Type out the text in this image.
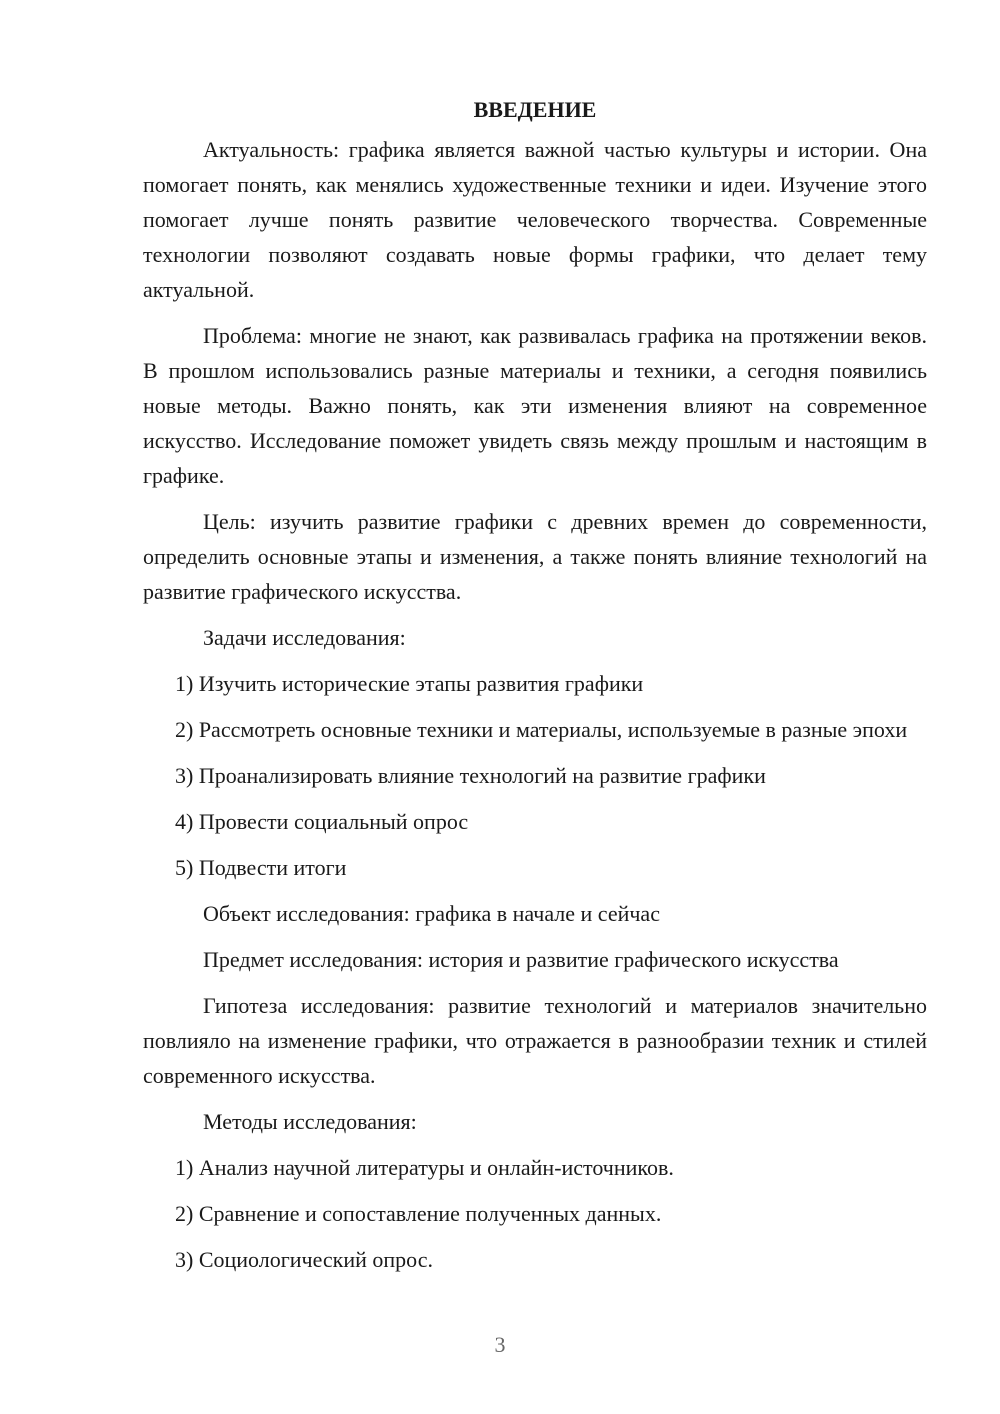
ВВЕДЕНИЕ

Актуальность: графика является важной частью культуры и истории. Она помогает понять, как менялись художественные техники и идеи. Изучение этого помогает лучше понять развитие человеческого творчества. Современные технологии позволяют создавать новые формы графики, что делает тему актуальной.

Проблема: многие не знают, как развивалась графика на протяжении веков. В прошлом использовались разные материалы и техники, а сегодня появились новые методы. Важно понять, как эти изменения влияют на современное искусство. Исследование поможет увидеть связь между прошлым и настоящим в графике.

Цель: изучить развитие графики с древних времен до современности, определить основные этапы и изменения, а также понять влияние технологий на развитие графического искусства.

Задачи исследования:

1) Изучить исторические этапы развития графики

2) Рассмотреть основные техники и материалы, используемые в разные эпохи

3) Проанализировать влияние технологий на развитие графики

4) Провести социальный опрос

5) Подвести итоги

Объект исследования: графика в начале и сейчас

Предмет исследования: история и развитие графического искусства

Гипотеза исследования: развитие технологий и материалов значительно повлияло на изменение графики, что отражается в разнообразии техник и стилей современного искусства.

Методы исследования:

1) Анализ научной литературы и онлайн-источников.

2) Сравнение и сопоставление полученных данных.

3) Социологический опрос.

3
